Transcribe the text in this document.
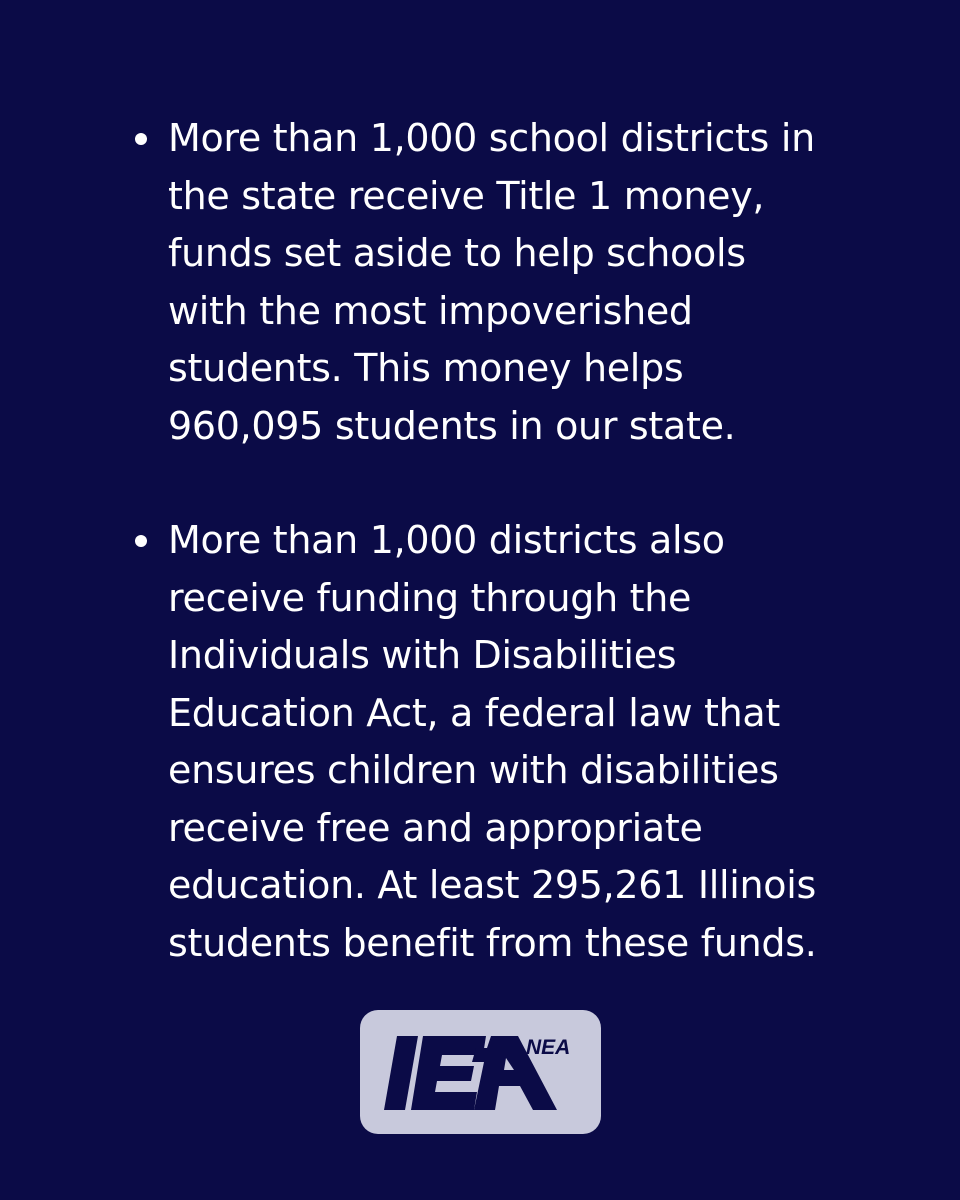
More than 1,000 school districts in
the state receive Title 1 money,
funds set aside to help schools
with the most impoverished
students. This money helps
960,095 students in our state.
More than 1,000 districts also
receive funding through the
Individuals with Disabilities
Education Act, a federal law that
ensures children with disabilities
receive free and appropriate
education. At least 295,261 Illinois
students benefit from these funds.
NEA
